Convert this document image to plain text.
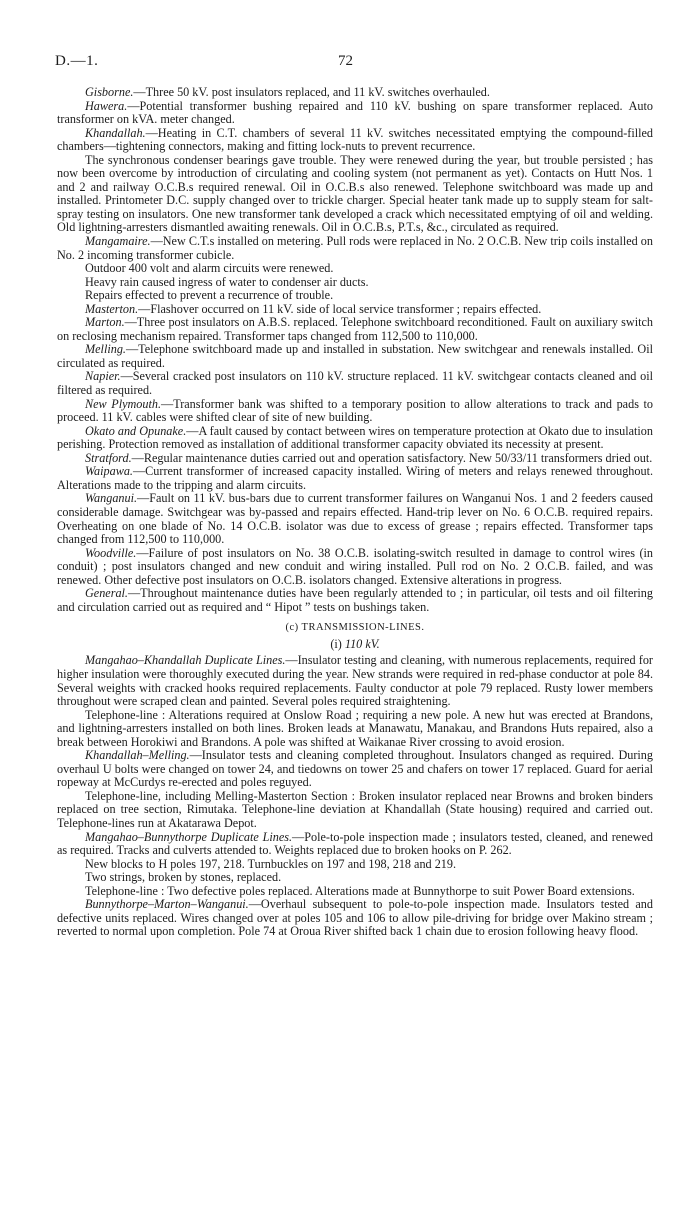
D.—1.	72

Gisborne.—Three 50 kV. post insulators replaced, and 11 kV. switches overhauled.

Hawera.—Potential transformer bushing repaired and 110 kV. bushing on spare transformer replaced. Auto transformer on kVA. meter changed.

Khandallah.—Heating in C.T. chambers of several 11 kV. switches necessitated emptying the compound-filled chambers—tightening connectors, making and fitting lock-nuts to prevent recurrence.

The synchronous condenser bearings gave trouble. They were renewed during the year, but trouble persisted ; has now been overcome by introduction of circulating and cooling system (not permanent as yet). Contacts on Hutt Nos. 1 and 2 and railway O.C.B.s required renewal. Oil in O.C.B.s also renewed. Telephone switchboard was made up and installed. Printometer D.C. supply changed over to trickle charger. Special heater tank made up to supply steam for salt-spray testing on insulators. One new transformer tank developed a crack which necessitated emptying of oil and welding. Old lightning-arresters dismantled awaiting renewals. Oil in O.C.B.s, P.T.s, &c., circulated as required.

Mangamaire.—New C.T.s installed on metering. Pull rods were replaced in No. 2 O.C.B. New trip coils installed on No. 2 incoming transformer cubicle.

Outdoor 400 volt and alarm circuits were renewed.

Heavy rain caused ingress of water to condenser air ducts.

Repairs effected to prevent a recurrence of trouble.

Masterton.—Flashover occurred on 11 kV. side of local service transformer ; repairs effected.

Marton.—Three post insulators on A.B.S. replaced. Telephone switchboard reconditioned. Fault on auxiliary switch on reclosing mechanism repaired. Transformer taps changed from 112,500 to 110,000.

Melling.—Telephone switchboard made up and installed in substation. New switchgear and renewals installed. Oil circulated as required.

Napier.—Several cracked post insulators on 110 kV. structure replaced. 11 kV. switchgear contacts cleaned and oil filtered as required.

New Plymouth.—Transformer bank was shifted to a temporary position to allow alterations to track and pads to proceed. 11 kV. cables were shifted clear of site of new building.

Okato and Opunake.—A fault caused by contact between wires on temperature protection at Okato due to insulation perishing. Protection removed as installation of additional transformer capacity obviated its necessity at present.

Stratford.—Regular maintenance duties carried out and operation satisfactory. New 50/33/11 transformers dried out.

Waipawa.—Current transformer of increased capacity installed. Wiring of meters and relays renewed throughout. Alterations made to the tripping and alarm circuits.

Wanganui.—Fault on 11 kV. bus-bars due to current transformer failures on Wanganui Nos. 1 and 2 feeders caused considerable damage. Switchgear was by-passed and repairs effected. Hand-trip lever on No. 6 O.C.B. required repairs. Overheating on one blade of No. 14 O.C.B. isolator was due to excess of grease ; repairs effected. Transformer taps changed from 112,500 to 110,000.

Woodville.—Failure of post insulators on No. 38 O.C.B. isolating-switch resulted in damage to control wires (in conduit) ; post insulators changed and new conduit and wiring installed. Pull rod on No. 2 O.C.B. failed, and was renewed. Other defective post insulators on O.C.B. isolators changed. Extensive alterations in progress.

General.—Throughout maintenance duties have been regularly attended to ; in particular, oil tests and oil filtering and circulation carried out as required and “ Hipot ” tests on bushings taken.

(c) TRANSMISSION-LINES.
(i) 110 kV.

Mangahao–Khandallah Duplicate Lines.—Insulator testing and cleaning, with numerous replacements, required for higher insulation were thoroughly executed during the year. New strands were required in red-phase conductor at pole 84. Several weights with cracked hooks required replacements. Faulty conductor at pole 79 replaced. Rusty lower members throughout were scraped clean and painted. Several poles required straightening.

Telephone-line : Alterations required at Onslow Road ; requiring a new pole. A new hut was erected at Brandons, and lightning-arresters installed on both lines. Broken leads at Manawatu, Manakau, and Brandons Huts repaired, also a break between Horokiwi and Brandons. A pole was shifted at Waikanae River crossing to avoid erosion.

Khandallah–Melling.—Insulator tests and cleaning completed throughout. Insulators changed as required. During overhaul U bolts were changed on tower 24, and tiedowns on tower 25 and chafers on tower 17 replaced. Guard for aerial ropeway at McCurdys re-erected and poles reguyed.

Telephone-line, including Melling-Masterton Section : Broken insulator replaced near Browns and broken binders replaced on tree section, Rimutaka. Telephone-line deviation at Khandallah (State housing) required and carried out. Telephone-lines run at Akatarawa Depot.

Mangahao–Bunnythorpe Duplicate Lines.—Pole-to-pole inspection made ; insulators tested, cleaned, and renewed as required. Tracks and culverts attended to. Weights replaced due to broken hooks on P. 262.

New blocks to H poles 197, 218. Turnbuckles on 197 and 198, 218 and 219.

Two strings, broken by stones, replaced.

Telephone-line : Two defective poles replaced. Alterations made at Bunnythorpe to suit Power Board extensions.

Bunnythorpe–Marton–Wanganui.—Overhaul subsequent to pole-to-pole inspection made. Insulators tested and defective units replaced. Wires changed over at poles 105 and 106 to allow pile-driving for bridge over Makino stream ; reverted to normal upon completion. Pole 74 at Oroua River shifted back 1 chain due to erosion following heavy flood.
